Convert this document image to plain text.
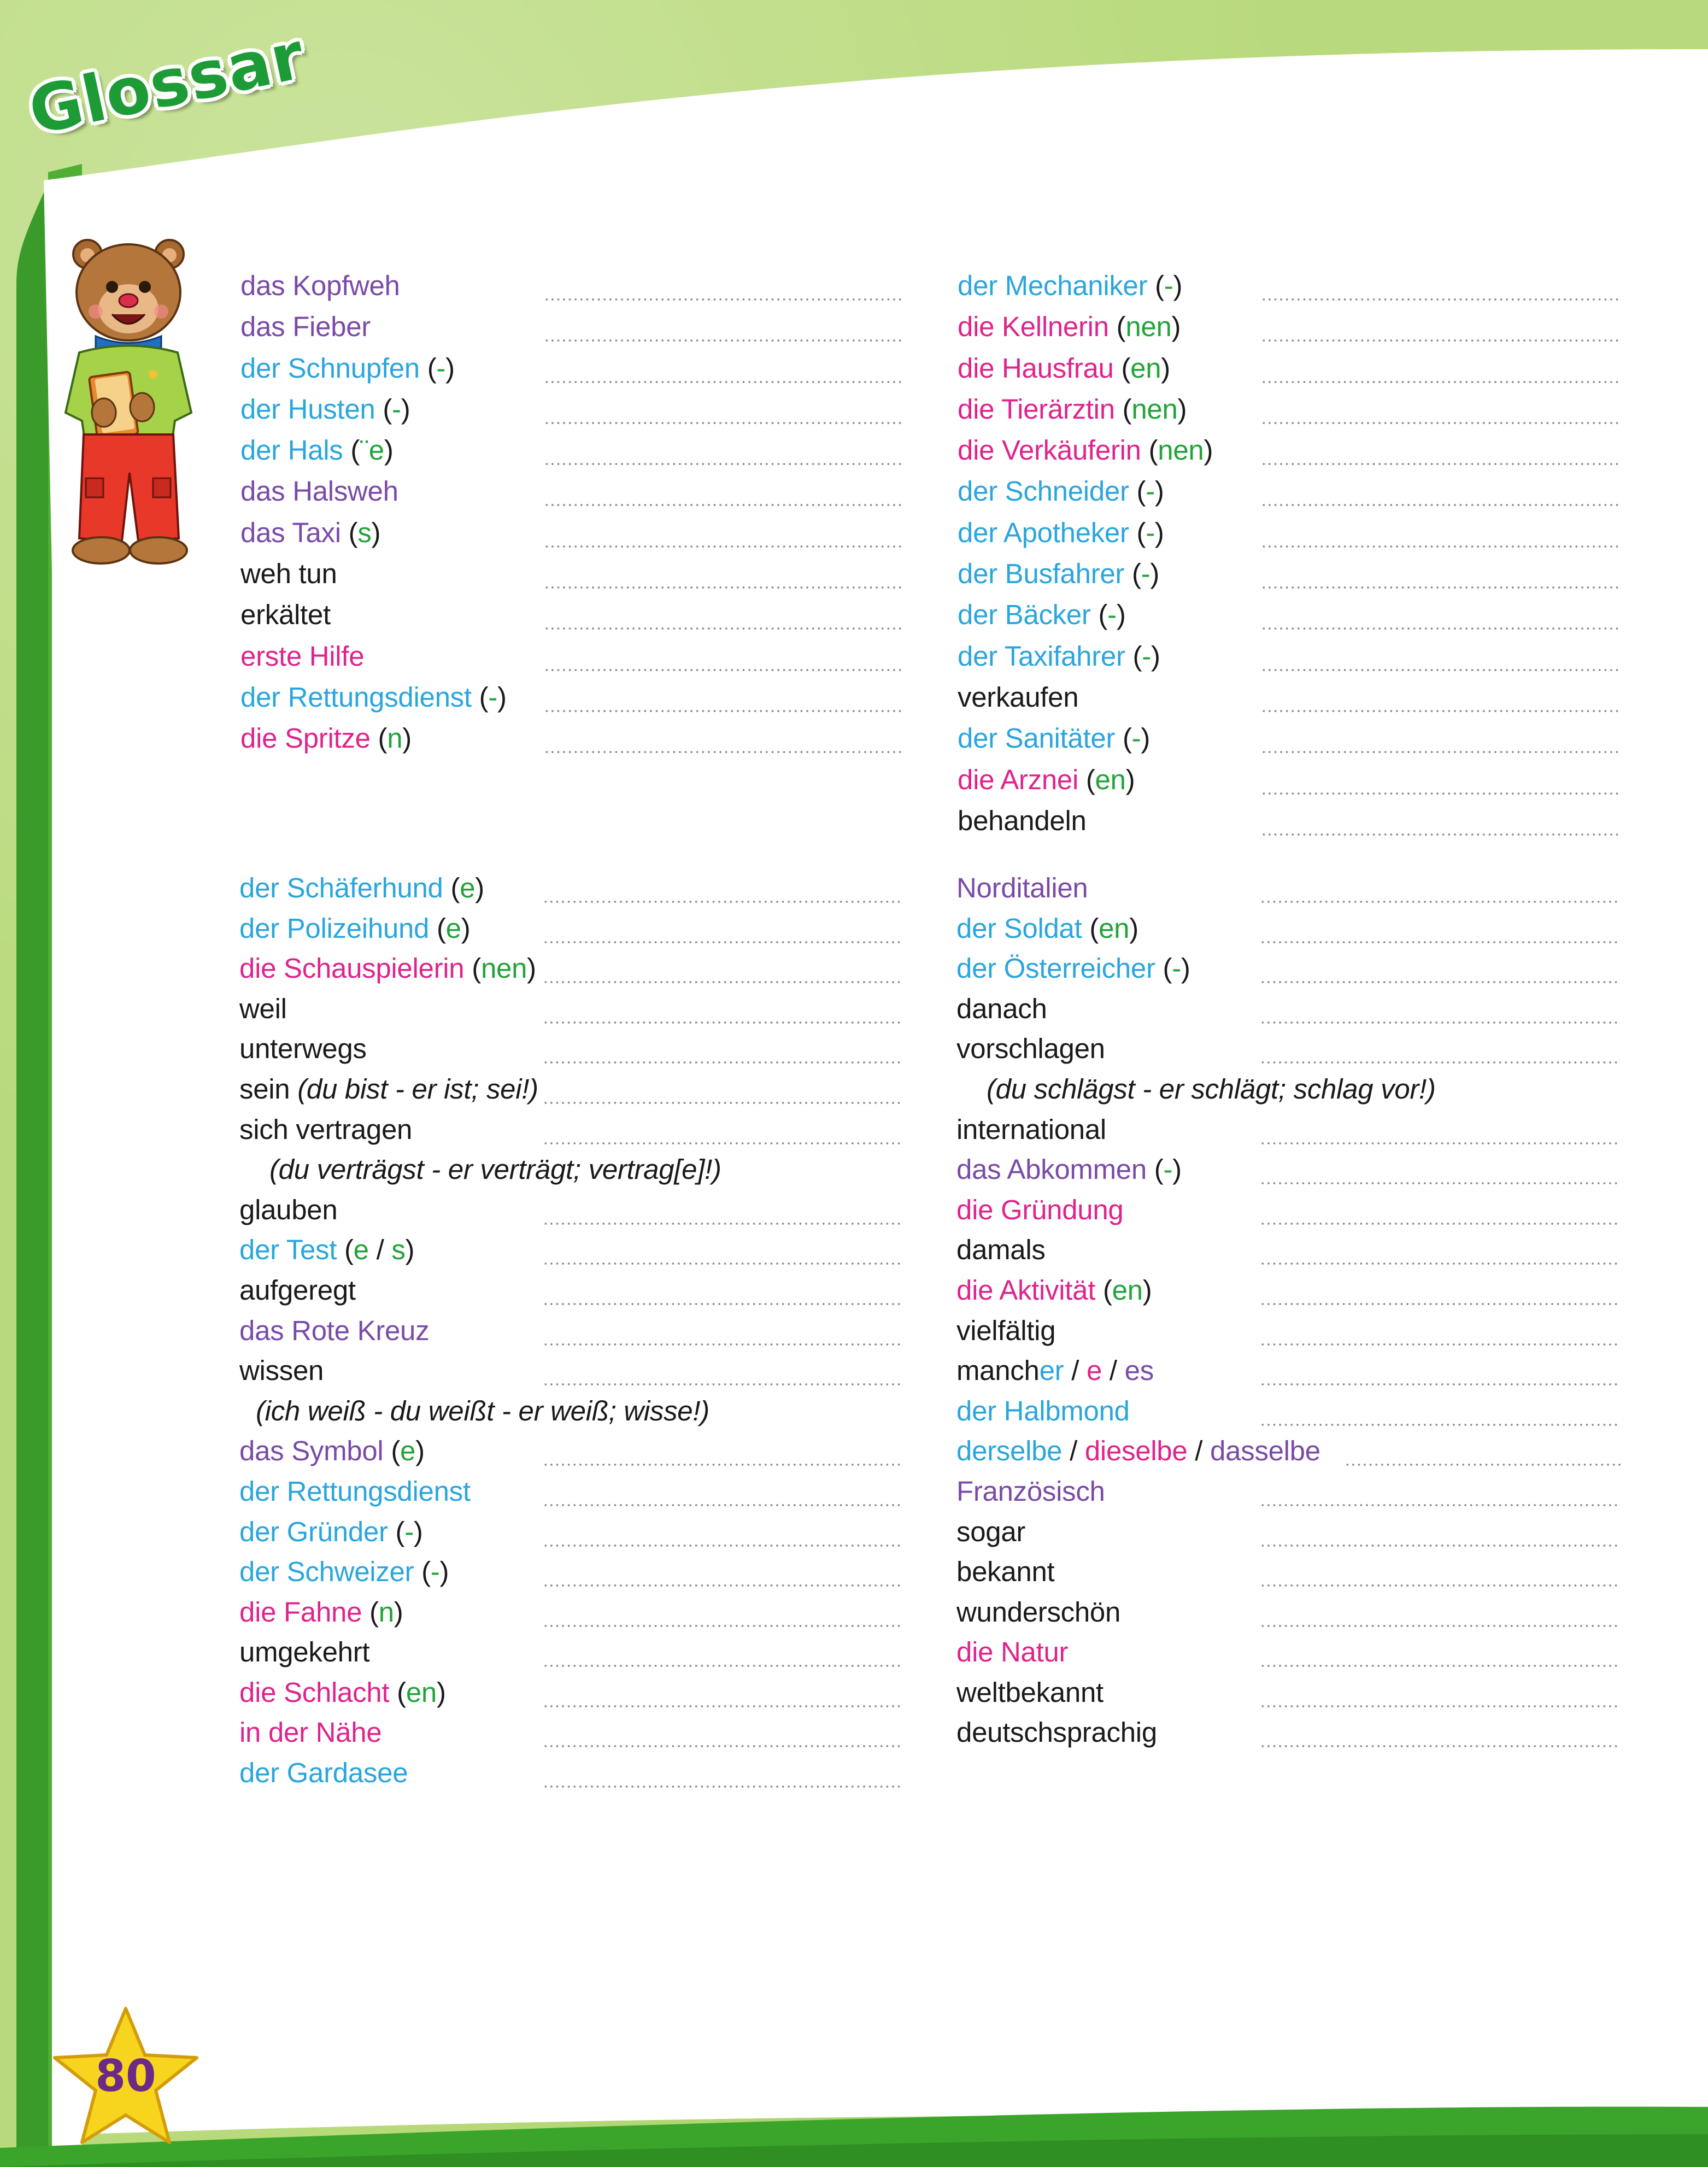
Glossar
das Kopfweh
das Fieber
der Schnupfen (-)
der Husten (-)
der Hals (¨e)
das Halsweh
das Taxi (s)
weh tun
erkältet
erste Hilfe
der Rettungsdienst (-)
die Spritze (n)
der Mechaniker (-)
die Kellnerin (nen)
die Hausfrau (en)
die Tierärztin (nen)
die Verkäuferin (nen)
der Schneider (-)
der Apotheker (-)
der Busfahrer (-)
der Bäcker (-)
der Taxifahrer (-)
verkaufen
der Sanitäter (-)
die Arznei (en)
behandeln
der Schäferhund (e)
der Polizeihund (e)
die Schauspielerin (nen)
weil
unterwegs
sein (du bist - er ist; sei!)
sich vertragen
(du verträgst - er verträgt; vertrag[e]!)
glauben
der Test (e / s)
aufgeregt
das Rote Kreuz
wissen
(ich weiß - du weißt - er weiß; wisse!)
das Symbol (e)
der Rettungsdienst
der Gründer (-)
der Schweizer (-)
die Fahne (n)
umgekehrt
die Schlacht (en)
in der Nähe
der Gardasee
Norditalien
der Soldat (en)
der Österreicher (-)
danach
vorschlagen
(du schlägst - er schlägt; schlag vor!)
international
das Abkommen (-)
die Gründung
damals
die Aktivität (en)
vielfältig
mancher / e / es
der Halbmond
derselbe / dieselbe / dasselbe
Französisch
sogar
bekannt
wunderschön
die Natur
weltbekannt
deutschsprachig
80
